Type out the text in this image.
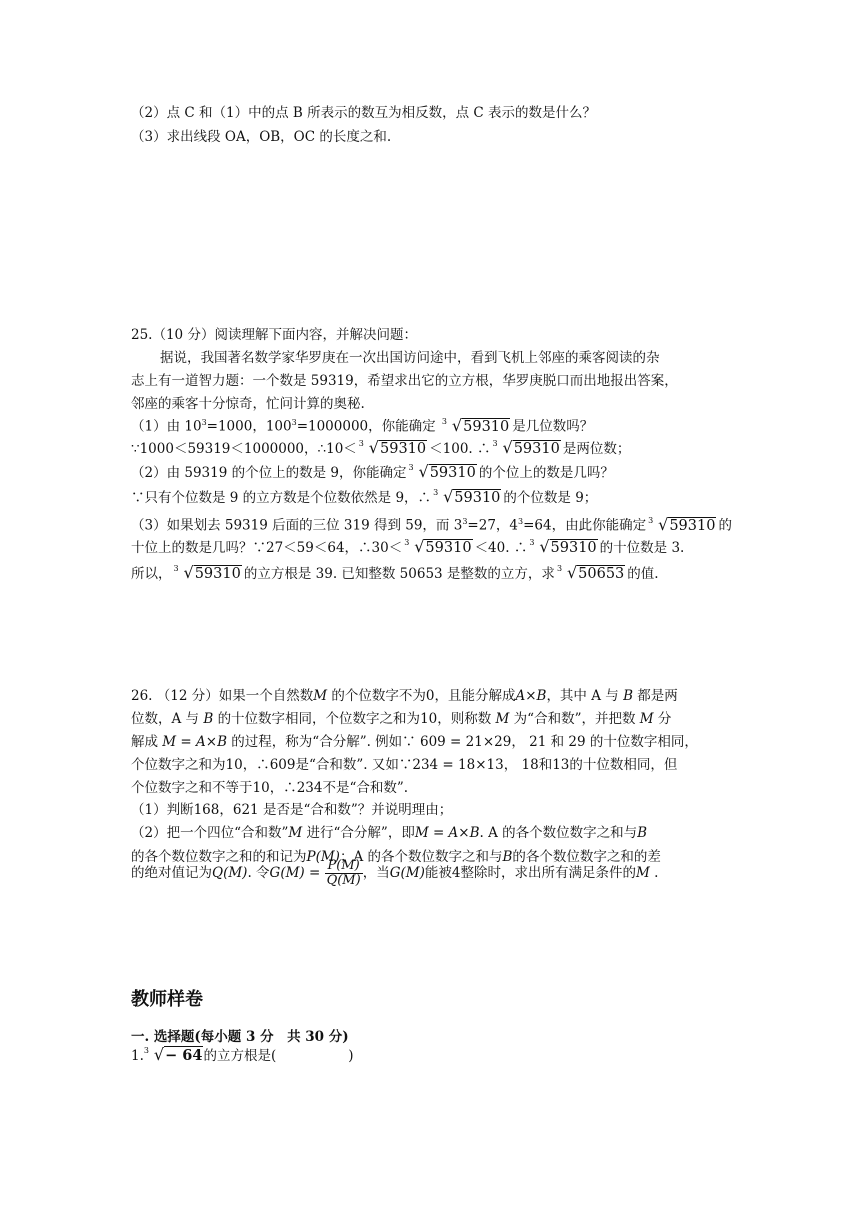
（2）点 C 和（1）中的点 B 所表示的数互为相反数，点 C 表示的数是什么？
（3）求出线段 OA，OB，OC 的长度之和.
25.（10 分）阅读理解下面内容，并解决问题：
据说，我国著名数学家华罗庚在一次出国访问途中，看到飞机上邻座的乘客阅读的杂
志上有一道智力题：一个数是 59319，希望求出它的立方根，华罗庚脱口而出地报出答案，
邻座的乘客十分惊奇，忙问计算的奥秘.
（1）由 $10^3=1000$，$100^3=1000000$，你能确定 3 √59310 是几位数吗？
∵1000＜59319＜1000000，∴10＜ 3 √59310 ＜100. ∴ 3 √59310 是两位数；
（2）由 59319 的个位上的数是 9，你能确定 3 √59310 的个位上的数是几吗？
∵只有个位数是 9 的立方数是个位数依然是 9，∴ 3 √59310 的个位数是 9；
（3）如果划去 59319 后面的三位 319 得到 59，而 $3^3=27$，$4^3=64$，由此你能确定 3 √59310 的
十位上的数是几吗？∵27＜59＜64，∴30＜ 3 √59310 ＜40. ∴ 3 √59310 的十位数是 3.
所以， 3 √59310 的立方根是 39. 已知整数 50653 是整数的立方，求 3 √50653 的值.
26. （12 分）如果一个自然数M 的个位数字不为0，且能分解成A×B，其中 A 与 B 都是两
位数，A 与 B 的十位数字相同，个位数字之和为10，则称数 M 为“合和数”，并把数 M 分
解成 M = A×B 的过程，称为“合分解”. 例如∵ 609 = 21×29， 21 和 29 的十位数字相同，
个位数字之和为10，∴609是“合和数”. 又如∵234 = 18×13， 18和13的十位数相同，但
个位数字之和不等于10，∴234不是“合和数”.
（1）判断168，621 是否是“合和数”？并说明理由；
（2）把一个四位“合和数”M 进行“合分解”，即M = A×B. A 的各个数位数字之和与B
的各个数位数字之和的和记为P(M)；A 的各个数位数字之和与B的各个数位数字之和的差
的绝对值记为Q(M). 令$G(M) = \frac{P(M)}{Q(M)}$ ，当G(M)能被4整除时，求出所有满足条件的M .
教师样卷
一. 选择题(每小题 3 分　共 30 分)
1. 3 √− 64的立方根是(	)
